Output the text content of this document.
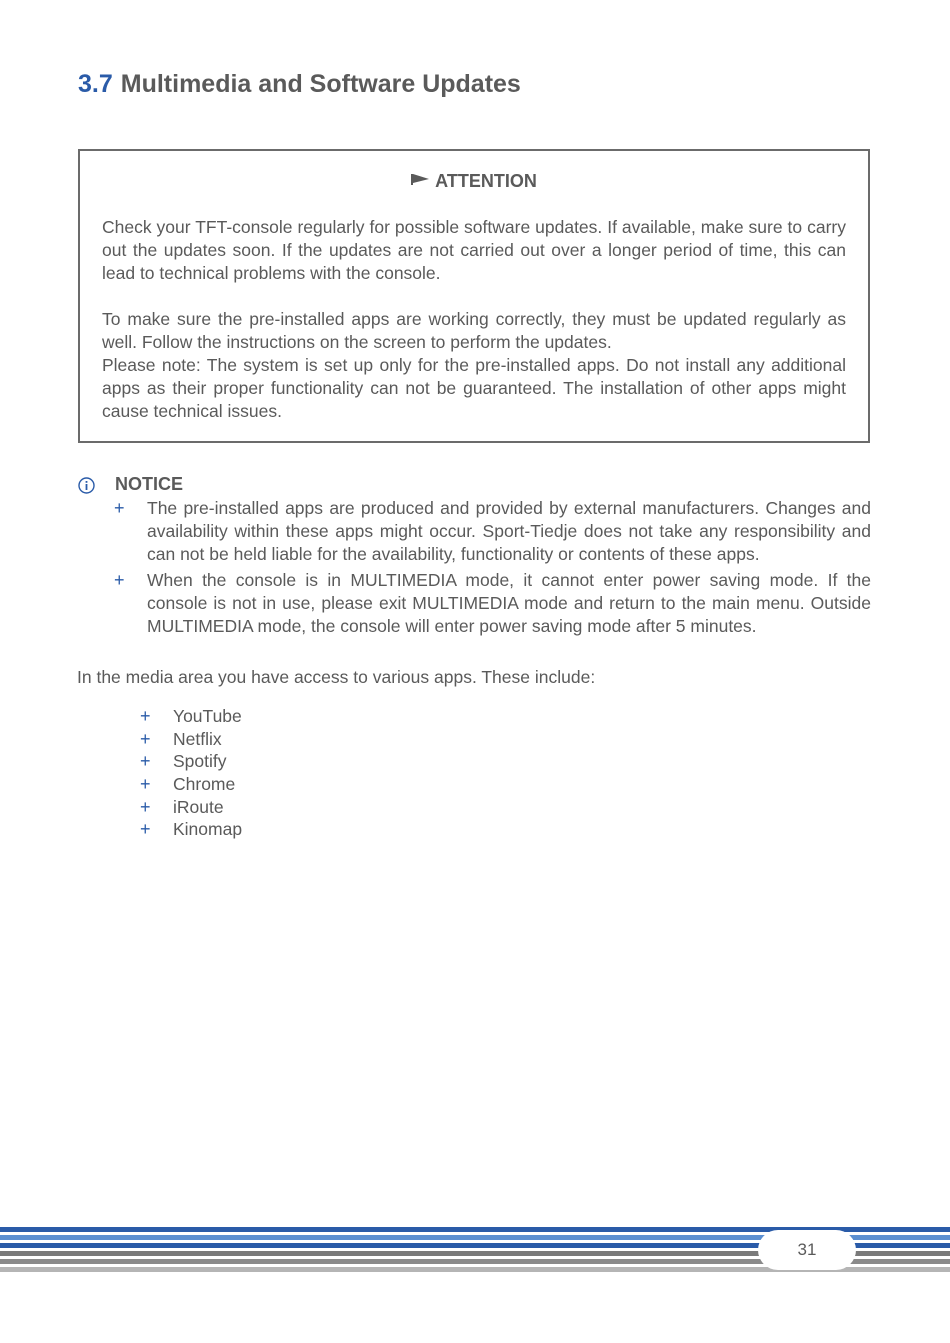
3.7 Multimedia and Software Updates
ATTENTION

Check your TFT-console regularly for possible software updates. If available, make sure to carry out the updates soon. If the updates are not carried out over a longer period of time, this can lead to technical problems with the console.

To make sure the pre-installed apps are working correctly, they must be updated regularly as well. Follow the instructions on the screen to perform the updates.

Please note: The system is set up only for the pre-installed apps. Do not install any additional apps as their proper functionality can not be guaranteed. The installation of other apps might cause technical issues.

NOTICE
+ The pre-installed apps are produced and provided by external manufacturers. Changes and availability within these apps might occur. Sport-Tiedje does not take any responsibility and can not be held liable for the availability, functionality or contents of these apps.

+ When the console is in MULTIMEDIA mode, it cannot enter power saving mode. If the console is not in use, please exit MULTIMEDIA mode and return to the main menu. Outside MULTIMEDIA mode, the console will enter power saving mode after 5 minutes.

In the media area you have access to various apps. These include:
+ YouTube
+ Netflix
+ Spotify
+ Chrome
+ iRoute
+ Kinomap
31
